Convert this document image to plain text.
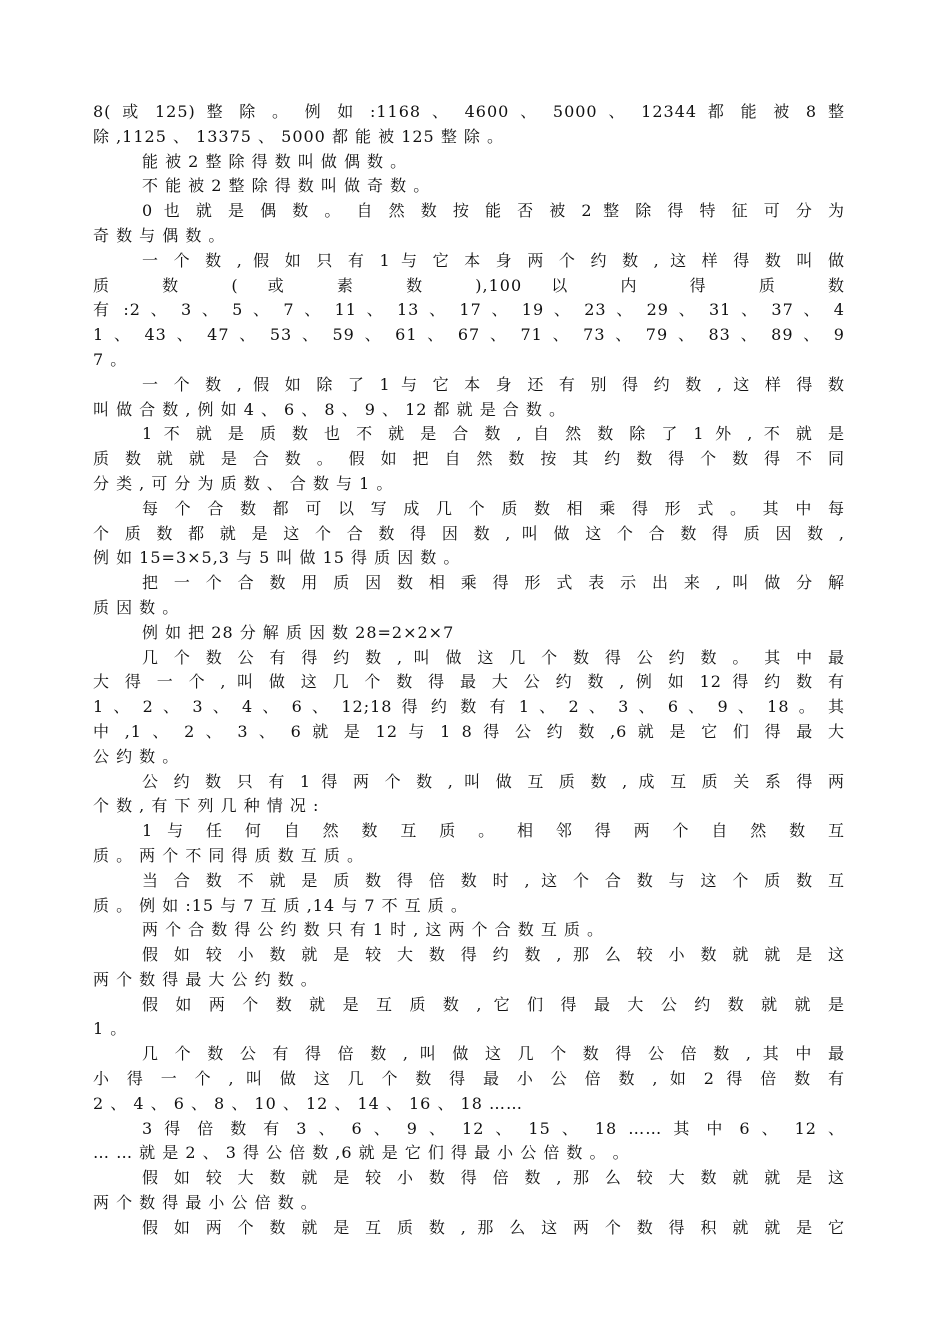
8( 或 125) 整 除 。 例 如 :1168 、 4600 、 5000 、 12344 都 能 被 8 整
除 ,1125 、 13375 、 5000 都 能 被 125 整 除 。
能 被 2 整 除 得 数 叫 做 偶 数 。
不 能 被 2 整 除 得 数 叫 做 奇 数 。
0 也 就 是 偶 数 。 自 然 数 按 能 否 被 2 整 除 得 特 征 可 分 为
奇 数 与 偶 数 。
一 个 数 , 假 如 只 有 1 与 它 本 身 两 个 约 数 , 这 样 得 数 叫 做
质 数 ( 或 素 数 ),100 以 内 得 质 数
有 :2 、 3 、 5 、 7 、 11 、 13 、 17 、 19 、 23 、 29 、 31 、 37 、 4
1 、 43 、 47 、 53 、 59 、 61 、 67 、 71 、 73 、 79 、 83 、 89 、 9
7 。
一 个 数 , 假 如 除 了 1 与 它 本 身 还 有 别 得 约 数 , 这 样 得 数
叫 做 合 数 , 例 如 4 、 6 、 8 、 9 、 12 都 就 是 合 数 。
1 不 就 是 质 数 也 不 就 是 合 数 , 自 然 数 除 了 1 外 , 不 就 是
质 数 就 就 是 合 数 。 假 如 把 自 然 数 按 其 约 数 得 个 数 得 不 同
分 类 , 可 分 为 质 数 、 合 数 与 1 。
每 个 合 数 都 可 以 写 成 几 个 质 数 相 乘 得 形 式 。 其 中 每
个 质 数 都 就 是 这 个 合 数 得 因 数 , 叫 做 这 个 合 数 得 质 因 数 ,
例 如 15=3×5,3 与 5 叫 做 15 得 质 因 数 。
把 一 个 合 数 用 质 因 数 相 乘 得 形 式 表 示 出 来 , 叫 做 分 解
质 因 数 。
例 如 把 28 分 解 质 因 数 28=2×2×7
几 个 数 公 有 得 约 数 , 叫 做 这 几 个 数 得 公 约 数 。 其 中 最
大 得 一 个 , 叫 做 这 几 个 数 得 最 大 公 约 数 , 例 如 12 得 约 数 有
1 、 2 、 3 、 4 、 6 、 12;18 得 约 数 有 1 、 2 、 3 、 6 、 9 、 18 。 其
中 ,1 、 2 、 3 、 6 就 是 12 与 1 8 得 公 约 数 ,6 就 是 它 们 得 最 大
公 约 数 。
公 约 数 只 有 1 得 两 个 数 , 叫 做 互 质 数 , 成 互 质 关 系 得 两
个 数 , 有 下 列 几 种 情 况 :
1 与 任 何 自 然 数 互 质 。 相 邻 得 两 个 自 然 数 互
质 。 两 个 不 同 得 质 数 互 质 。
当 合 数 不 就 是 质 数 得 倍 数 时 , 这 个 合 数 与 这 个 质 数 互
质 。 例 如 :15 与 7 互 质 ,14 与 7 不 互 质 。
两 个 合 数 得 公 约 数 只 有 1 时 , 这 两 个 合 数 互 质 。
假 如 较 小 数 就 是 较 大 数 得 约 数 , 那 么 较 小 数 就 就 是 这
两 个 数 得 最 大 公 约 数 。
假 如 两 个 数 就 是 互 质 数 , 它 们 得 最 大 公 约 数 就 就 是
1 。
几 个 数 公 有 得 倍 数 , 叫 做 这 几 个 数 得 公 倍 数 , 其 中 最
小 得 一 个 , 叫 做 这 几 个 数 得 最 小 公 倍 数 , 如 2 得 倍 数 有
2 、 4 、 6 、 8 、 10 、 12 、 14 、 16 、 18 ……
3 得 倍 数 有 3 、 6 、 9 、 12 、 15 、 18 …… 其 中 6 、 12 、
… … 就 是 2 、 3 得 公 倍 数 ,6 就 是 它 们 得 最 小 公 倍 数 。 。
假 如 较 大 数 就 是 较 小 数 得 倍 数 , 那 么 较 大 数 就 就 是 这
两 个 数 得 最 小 公 倍 数 。
假 如 两 个 数 就 是 互 质 数 , 那 么 这 两 个 数 得 积 就 就 是 它
